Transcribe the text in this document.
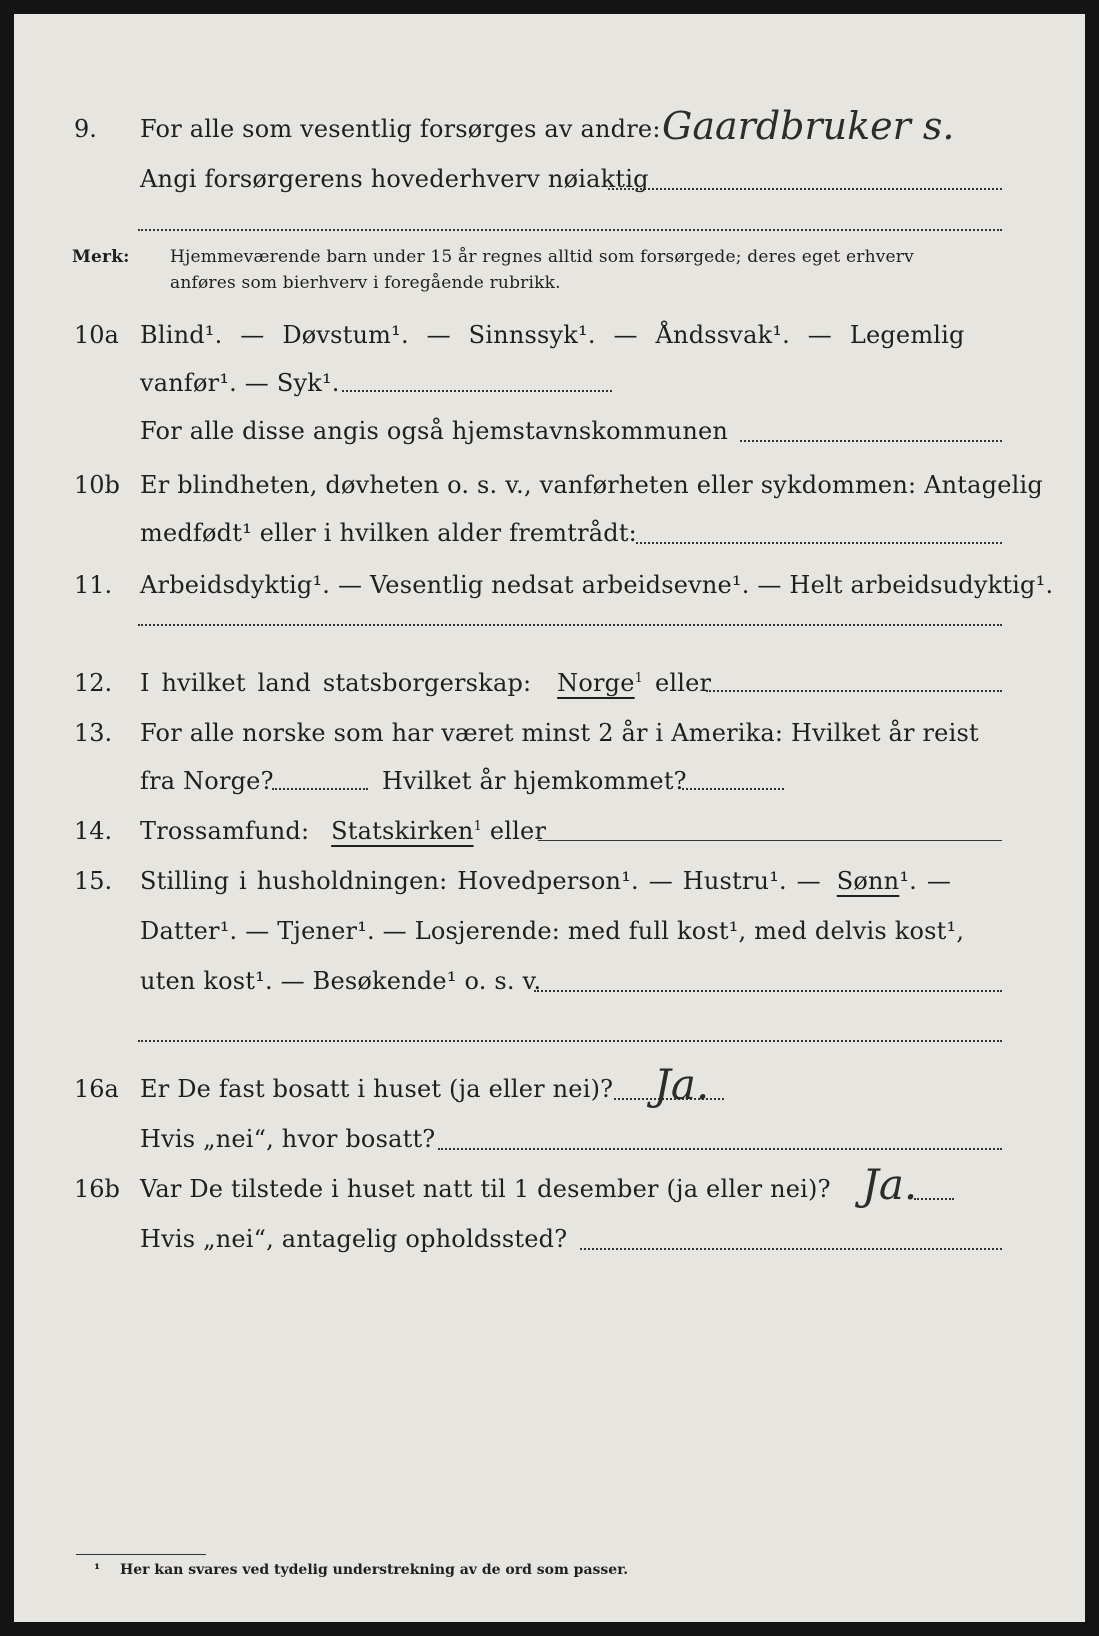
9. For alle som vesentlig forsørges av andre: Gaardbruker s.
Angi forsørgerens hovederhverv nøiaktig
Merk: Hjemmeværende barn under 15 år regnes alltid som forsørgede; deres eget erhverv
anføres som bierhverv i foregående rubrikk.
10a Blind¹. — Døvstum¹. — Sinnssyk¹. — Åndssvak¹. — Legemlig
vanfør¹. — Syk¹.
For alle disse angis også hjemstavnskommunen
10b Er blindheten, døvheten o. s. v., vanførheten eller sykdommen: Antagelig
medfødt¹ eller i hvilken alder fremtrådt:
11. Arbeidsdyktig¹. — Vesentlig nedsat arbeidsevne¹. — Helt arbeidsudyktig¹.
12. I hvilket land statsborgerskap: Norge$^1$ eller
13. For alle norske som har været minst 2 år i Amerika: Hvilket år reist
fra Norge?	Hvilket år hjemkommet?
14. Trossamfund: Statskirken$^1$ eller
15. Stilling i husholdningen: Hovedperson¹. — Hustru¹. — Sønn¹. —
Datter¹. — Tjener¹. — Losjerende: med full kost¹, med delvis kost¹,
uten kost¹. — Besøkende¹ o. s. v.
16a Er De fast bosatt i huset (ja eller nei)? Ja.
Hvis „nei“, hvor bosatt?
16b Var De tilstede i huset natt til 1 desember (ja eller nei)? Ja.
Hvis „nei“, antagelig opholdssted?
¹ Her kan svares ved tydelig understrekning av de ord som passer.
